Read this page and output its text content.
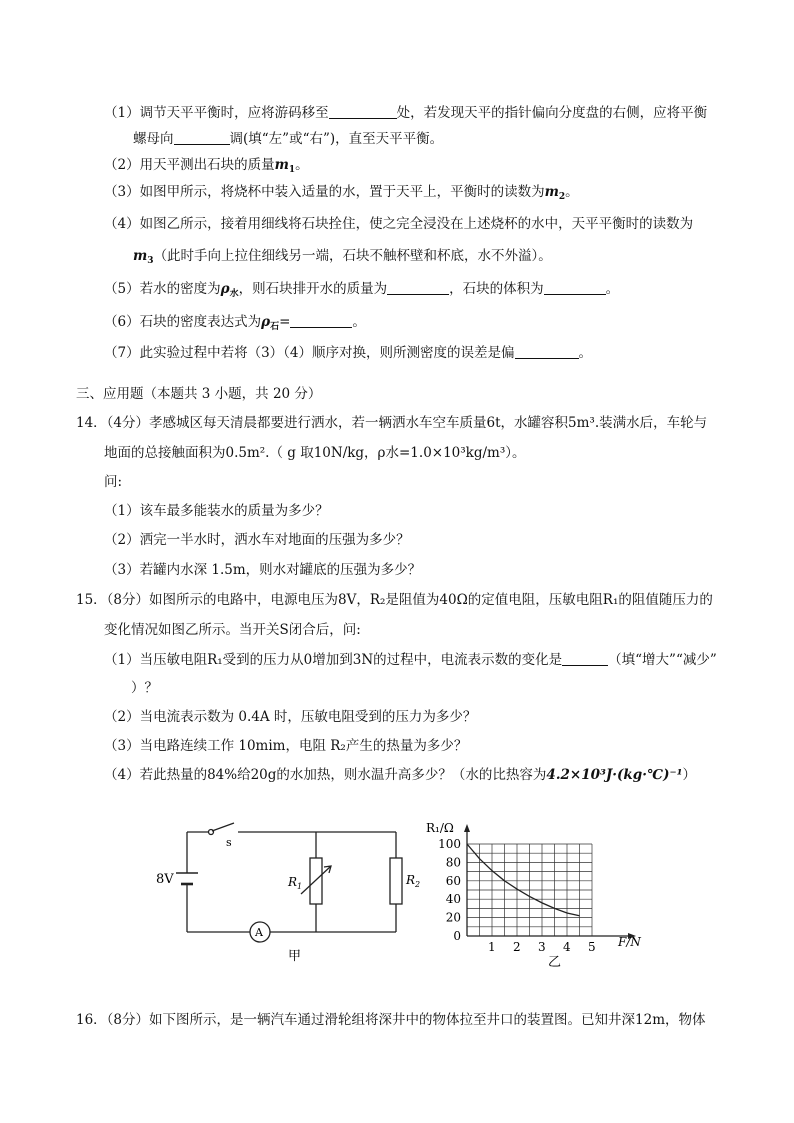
（1）调节天平平衡时，应将游码移至	处，若发现天平的指针偏向分度盘的右侧，应将平衡
螺母向	调(填“左”或“右”)，直至天平平衡。
（2）用天平测出石块的质量$m_1$。
（3）如图甲所示，将烧杯中装入适量的水，置于天平上，平衡时的读数为$m_2$。
（4）如图乙所示，接着用细线将石块拴住，使之完全浸没在上述烧杯的水中，天平平衡时的读数为
$m_3$（此时手向上拉住细线另一端，石块不触杯壁和杯底，水不外溢）。
（5）若水的密度为$\rho_水$，则石块排开水的质量为	，石块的体积为	。
（6）石块的密度表达式为$\rho_石=$	。
（7）此实验过程中若将（3）（4）顺序对换，则所测密度的误差是偏	。
三、应用题（本题共 3 小题，共 20 分）
14．（4分）孝感城区每天清晨都要进行洒水，若一辆洒水车空车质量6t，水罐容积5m³.装满水后，车轮与
地面的总接触面积为0.5m².（ g 取10N/kg，ρ水=1.0×10³kg/m³）。
问:
（1）该车最多能装水的质量为多少？
（2）洒完一半水时，洒水车对地面的压强为多少？
（3）若罐内水深 1.5m，则水对罐底的压强为多少？
15．（8分）如图所示的电路中，电源电压为8V，R₂是阻值为40Ω的定值电阻，压敏电阻R₁的阻值随压力的
变化情况如图乙所示。当开关S闭合后，问:
（1）当压敏电阻R₁受到的压力从0增加到3N的过程中，电流表示数的变化是	（填“增大”“减少”
）？
（2）当电流表示数为 0.4A 时，压敏电阻受到的压力为多少？
（3）当电路连续工作 10mim，电阻 R₂产生的热量为多少？
（4）若此热量的84%给20g的水加热，则水温升高多少？（水的比热容为4.2×10³J·(kg·℃)⁻¹）
8V
s
A
$R_1$	$R_2$
甲
1 2 3 4 5
0
20
40
60
80
100
R₁/Ω
F/N
乙
16．（8分）如下图所示，是一辆汽车通过滑轮组将深井中的物体拉至井口的装置图。已知井深12m，物体
